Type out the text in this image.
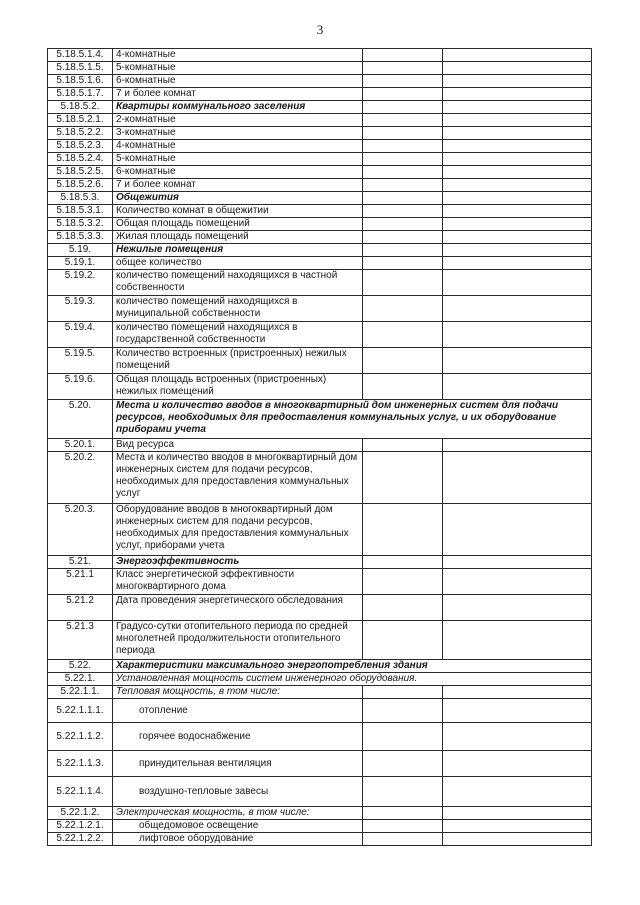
3
5.18.5.1.4.	4-комнатные		
5.18.5.1.5.	5-комнатные		
5.18.5.1.6.	6-комнатные		
5.18.5.1.7.	7 и более комнат		
5.18.5.2.	Квартиры коммунального заселения		
5.18.5.2.1.	2-комнатные		
5.18.5.2.2.	3-комнатные		
5.18.5.2.3.	4-комнатные		
5.18.5.2.4.	5-комнатные		
5.18.5.2.5.	6-комнатные		
5.18.5.2.6.	7 и более комнат		
5.18.5.3.	Общежития		
5.18.5.3.1.	Количество комнат в общежитии		
5.18.5.3.2.	Общая площадь помещений		
5.18.5.3.3.	Жилая площадь помещений		
5.19.	Нежилые помещения		
5.19.1.	общее количество		
5.19.2.	количество помещений находящихся в частной собственности		
5.19.3.	количество помещений находящихся в муниципальной собственности		
5.19.4.	количество помещений находящихся в государственной собственности		
5.19.5.	Количество встроенных (пристроенных) нежилых помещений		
5.19.6.	Общая площадь встроенных (пристроенных) нежилых помещений		
5.20.	Места и количество вводов в многоквартирный дом инженерных систем для подачи ресурсов, необходимых для предоставления коммунальных услуг, и их оборудование приборами учета		
5.20.1.	Вид ресурса		
5.20.2.	Места и количество вводов в многоквартирный дом инженерных систем для подачи ресурсов, необходимых для предоставления коммунальных услуг		
5.20.3.	Оборудование вводов в многоквартирный дом инженерных систем для подачи ресурсов, необходимых для предоставления коммунальных услуг, приборами учета		
5.21.	Энергоэффективность		
5.21.1	Класс энергетической эффективности многоквартирного дома		
5.21.2	Дата проведения энергетического обследования		
5.21.3	Градусо-сутки отопительного периода по средней многолетней продолжительности отопительного периода		
5.22.	Характеристики максимального энергопотребления здания		
5.22.1.	Установленная мощность систем инженерного оборудования.		
5.22.1.1.	Тепловая мощность, в том числе:		
5.22.1.1.1.	отопление		
5.22.1.1.2.	горячее водоснабжение		
5.22.1.1.3.	принудительная вентиляция		
5.22.1.1.4.	воздушно-тепловые завесы		
5.22.1.2.	Электрическая мощность, в том числе:		
5.22.1.2.1.	общедомовое освещение		
5.22.1.2.2.	лифтовое оборудование		
